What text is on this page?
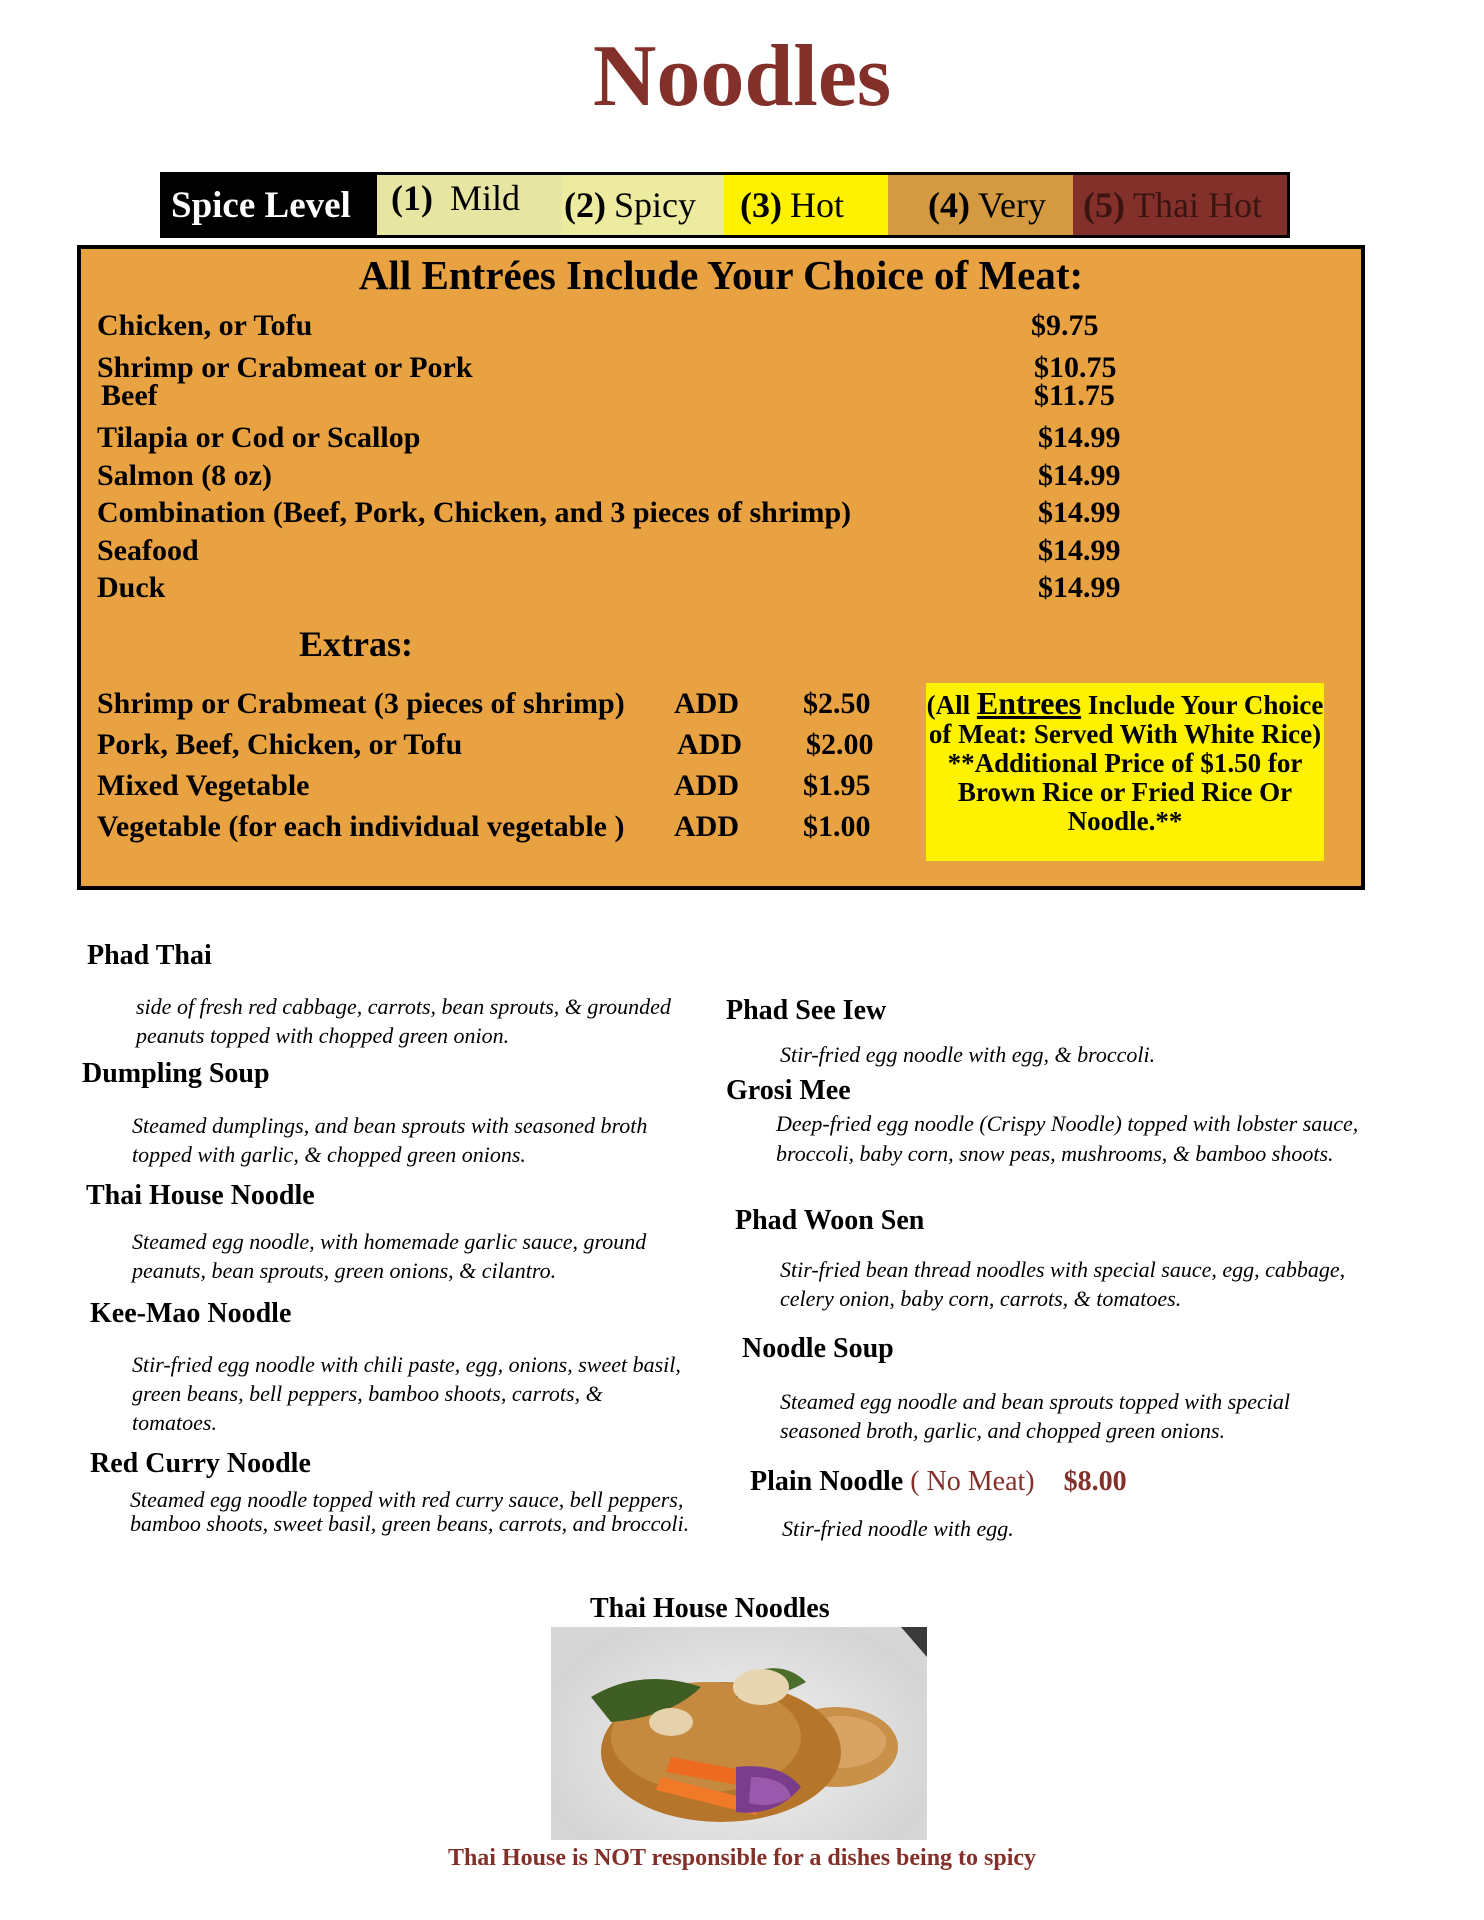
Noodles
Spice Level (1)
Mild (2) Spicy (3) Hot (4) Very (5) Thai Hot
All Entrées Include Your Choice of Meat:
Chicken, or Tofu	$9.75
Shrimp or Crabmeat or Pork	$10.75
Beef	$11.75
Tilapia or Cod or Scallop	$14.99
Salmon (8 oz)	$14.99
Combination (Beef, Pork, Chicken, and 3 pieces of shrimp)	$14.99
Seafood	$14.99
Duck	$14.99
Extras:
Shrimp or Crabmeat (3 pieces of shrimp) ADD $2.50
Pork, Beef, Chicken, or Tofu	ADD $2.00
Mixed Vegetable	ADD $1.95
Vegetable (for each individual vegetable ) ADD $1.00
(All Entrees Include Your Choice of Meat: Served With White Rice)
**Additional Price of $1.50 for Brown Rice or Fried Rice Or Noodle.**
Phad Thai
side of fresh red cabbage, carrots, bean sprouts, & grounded peanuts topped with chopped green onion.
Dumpling Soup
Steamed dumplings, and bean sprouts with seasoned broth topped with garlic, & chopped green onions.
Thai House Noodle
Steamed egg noodle, with homemade garlic sauce, ground peanuts, bean sprouts, green onions, & cilantro.
Kee-Mao Noodle
Stir-fried egg noodle with chili paste, egg, onions, sweet basil, green beans, bell peppers, bamboo shoots, carrots, & tomatoes.
Red Curry Noodle
Steamed egg noodle topped with red curry sauce, bell peppers, bamboo shoots, sweet basil, green beans, carrots, and broccoli.
Phad See Iew
Stir-fried egg noodle with egg, & broccoli.
Grosi Mee
Deep-fried egg noodle (Crispy Noodle) topped with lobster sauce, broccoli, baby corn, snow peas, mushrooms, & bamboo shoots.
Phad Woon Sen
Stir-fried bean thread noodles with special sauce, egg, cabbage, celery onion, baby corn, carrots, & tomatoes.
Noodle Soup
Steamed egg noodle and bean sprouts topped with special seasoned broth, garlic, and chopped green onions.
Plain Noodle ( No Meat) $8.00
Stir-fried noodle with egg.
Thai House Noodles
Thai House is NOT responsible for a dishes being to spicy
